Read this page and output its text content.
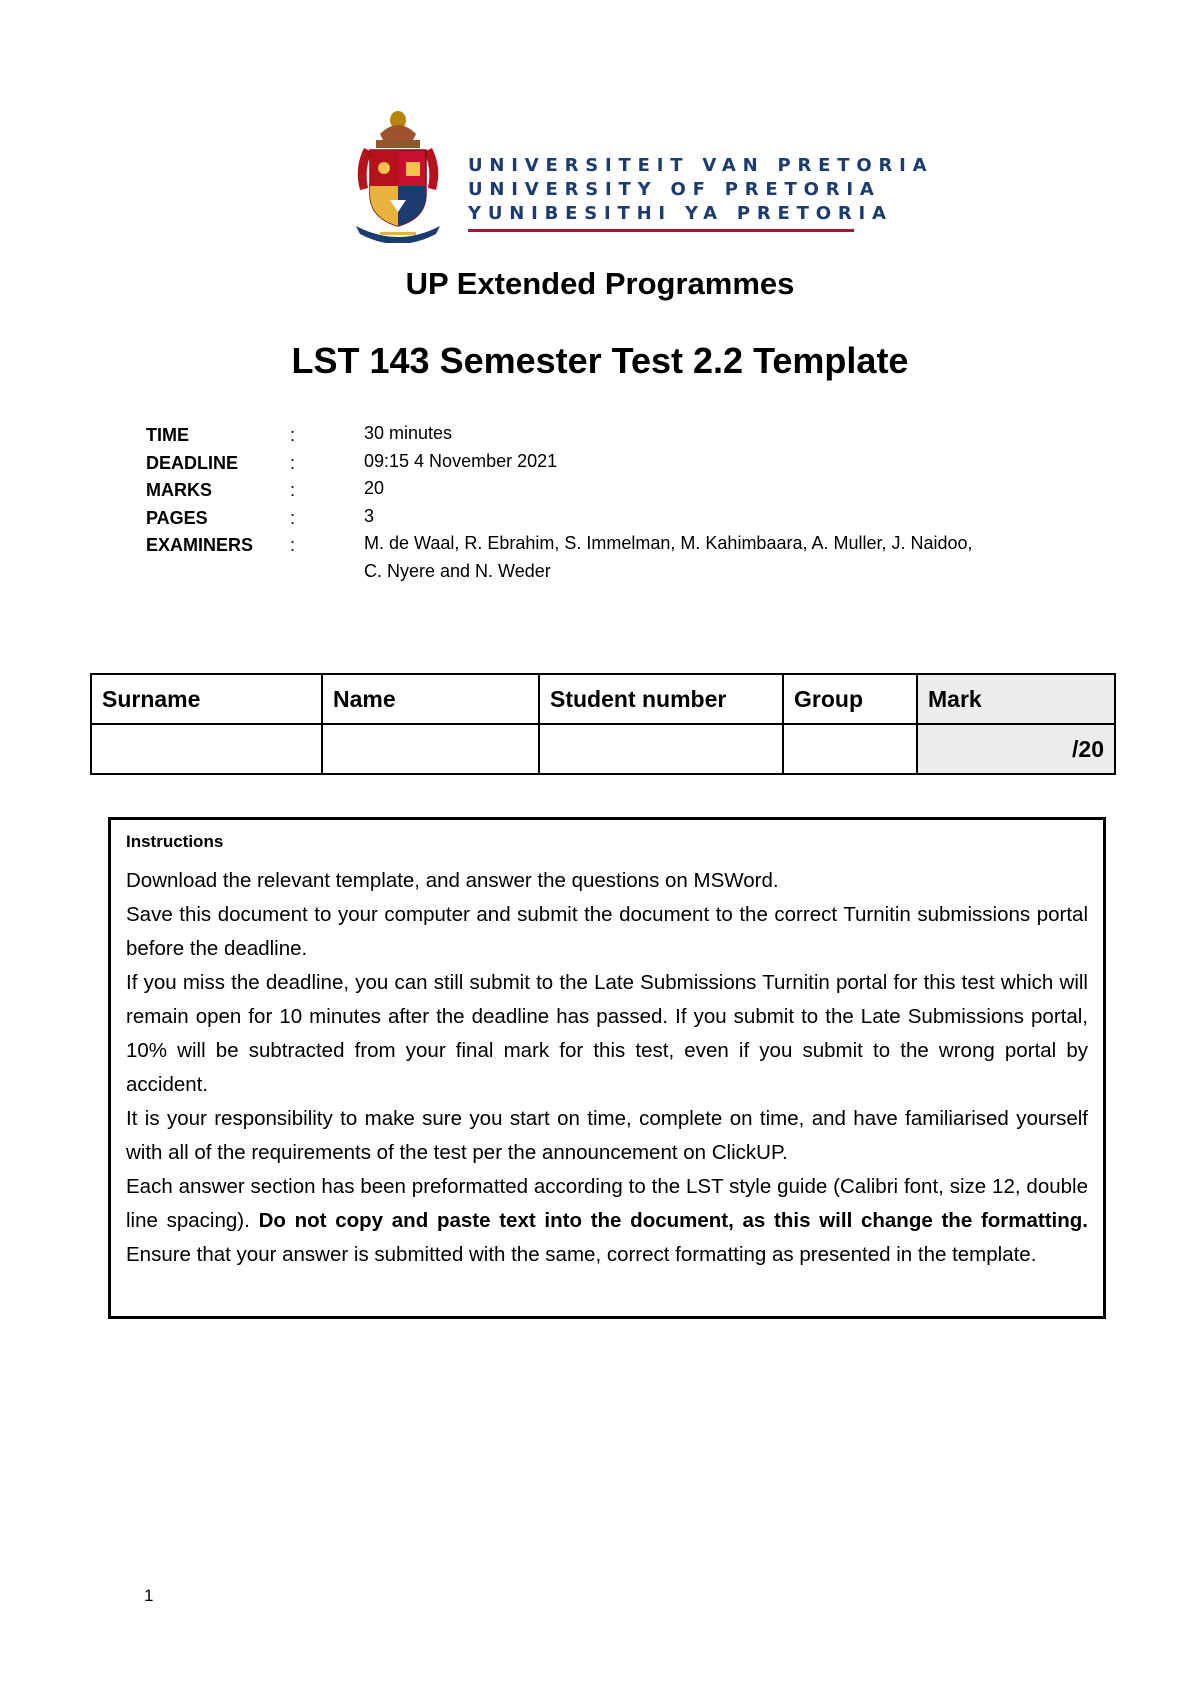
UNIVERSITEIT VAN PRETORIA
UNIVERSITY OF PRETORIA
YUNIBESITHI YA PRETORIA
UP Extended Programmes
LST 143 Semester Test 2.2 Template
TIME	:	30 minutes
DEADLINE	:	09:15 4 November 2021
MARKS	:	20
PAGES	:	3
EXAMINERS :	M. de Waal, R. Ebrahim, S. Immelman, M. Kahimbaara, A. Muller, J. Naidoo,
C. Nyere and N. Weder
Surname	Name	Student number	Group	Mark
				/20
Instructions

Download the relevant template, and answer the questions on MSWord.

Save this document to your computer and submit the document to the correct Turnitin submissions portal before the deadline.

If you miss the deadline, you can still submit to the Late Submissions Turnitin portal for this test which will remain open for 10 minutes after the deadline has passed. If you submit to the Late Submissions portal, 10% will be subtracted from your final mark for this test, even if you submit to the wrong portal by accident.

It is your responsibility to make sure you start on time, complete on time, and have familiarised yourself with all of the requirements of the test per the announcement on ClickUP.

Each answer section has been preformatted according to the LST style guide (Calibri font, size 12, double line spacing). Do not copy and paste text into the document, as this will change the formatting. Ensure that your answer is submitted with the same, correct formatting as presented in the template.

1
